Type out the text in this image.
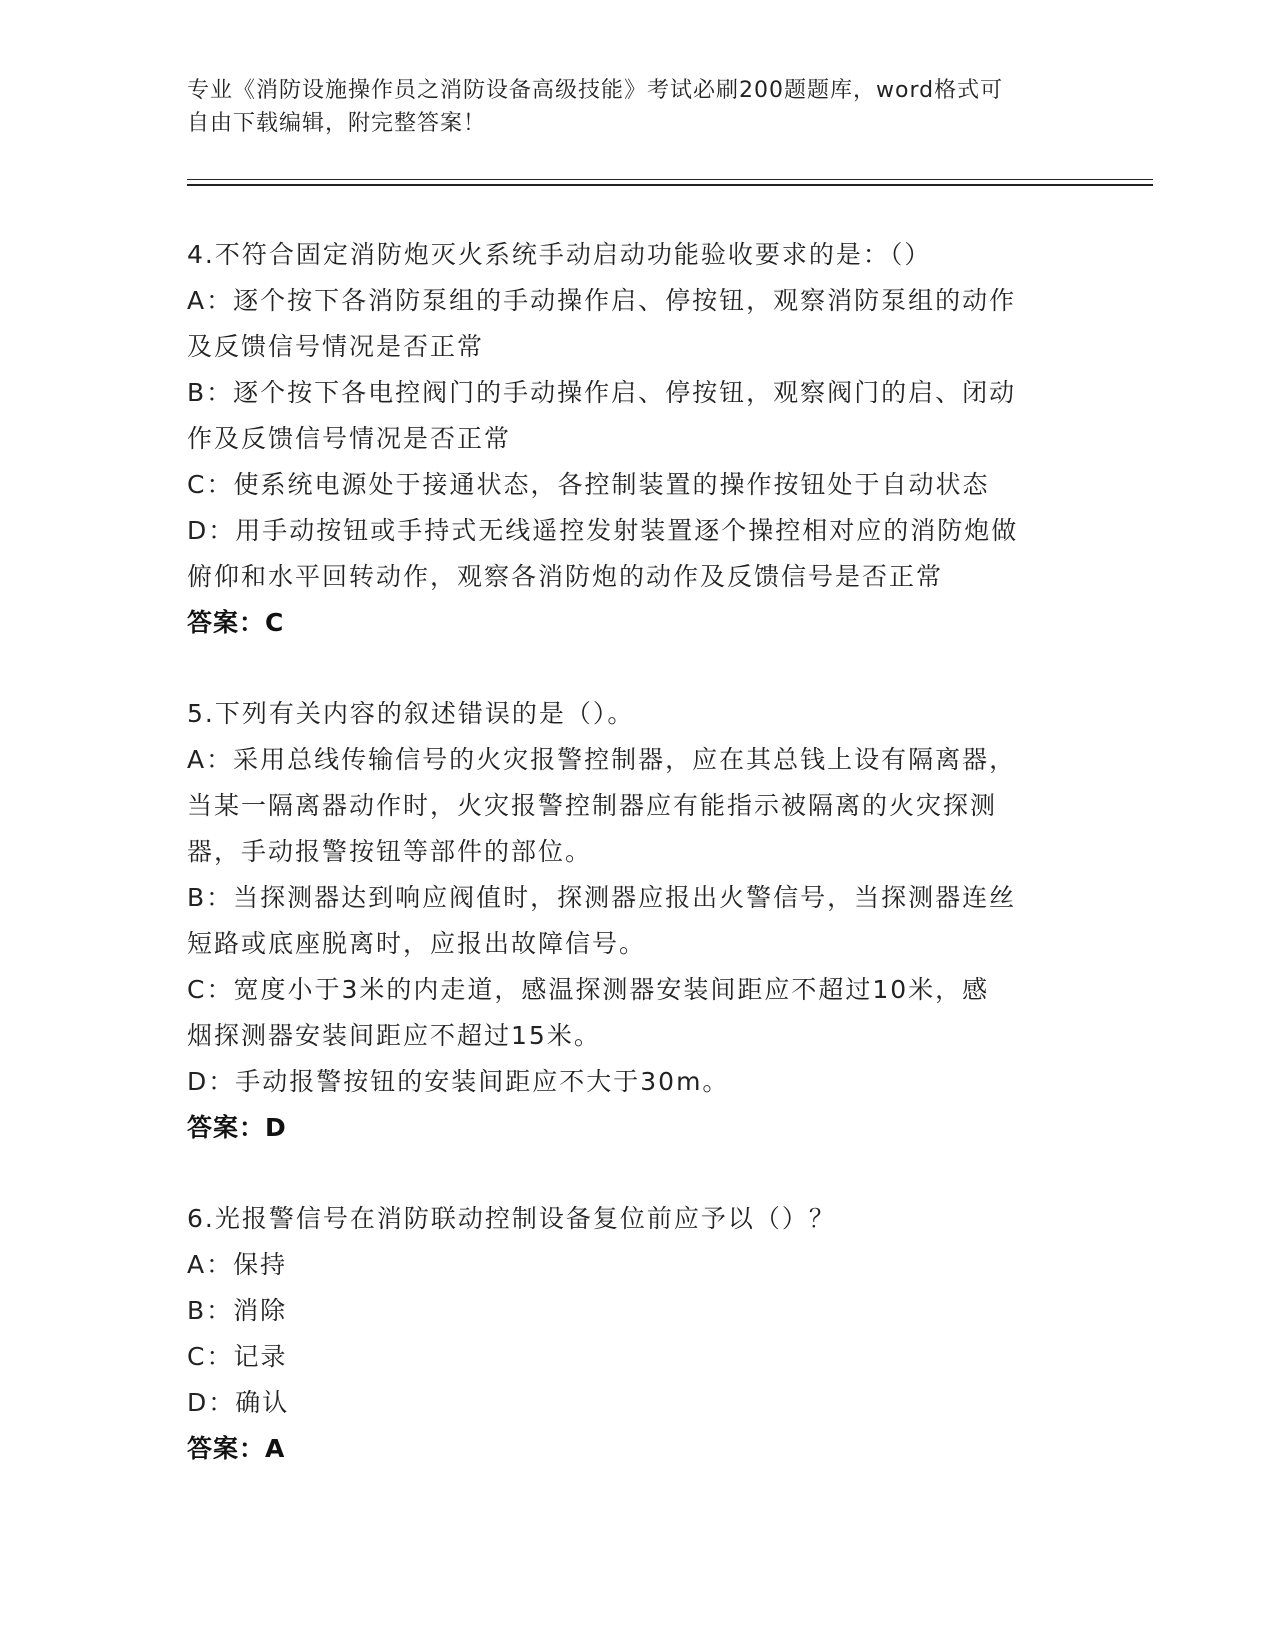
专业《消防设施操作员之消防设备高级技能》考试必刷200题题库，word格式可
自由下载编辑，附完整答案！
4.不符合固定消防炮灭火系统手动启动功能验收要求的是：（）
A：逐个按下各消防泵组的手动操作启、停按钮，观察消防泵组的动作
及反馈信号情况是否正常
B：逐个按下各电控阀门的手动操作启、停按钮，观察阀门的启、闭动
作及反馈信号情况是否正常
C：使系统电源处于接通状态，各控制装置的操作按钮处于自动状态
D：用手动按钮或手持式无线遥控发射装置逐个操控相对应的消防炮做
俯仰和水平回转动作，观察各消防炮的动作及反馈信号是否正常
答案：C
5.下列有关内容的叙述错误的是（）。
A：采用总线传输信号的火灾报警控制器，应在其总钱上设有隔离器，
当某一隔离器动作时，火灾报警控制器应有能指示被隔离的火灾探测
器，手动报警按钮等部件的部位。
B：当探测器达到响应阀值时，探测器应报出火警信号，当探测器连丝
短路或底座脱离时，应报出故障信号。
C：宽度小于3米的内走道，感温探测器安装间距应不超过10米，感
烟探测器安装间距应不超过15米。
D：手动报警按钮的安装间距应不大于30m。
答案：D
6.光报警信号在消防联动控制设备复位前应予以（）？
A：保持
B：消除
C：记录
D：确认
答案：A
